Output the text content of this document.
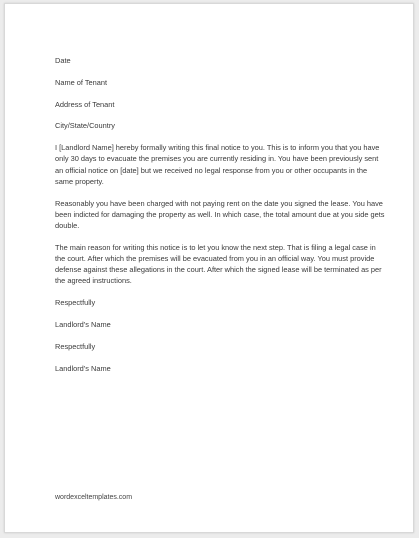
Date
Name of Tenant
Address of Tenant
City/State/Country
I [Landlord Name] hereby formally writing this final notice to you. This is to inform you that you have only 30 days to evacuate the premises you are currently residing in. You have been previously sent an official notice on [date] but we received no legal response from you or other occupants in the same property.
Reasonably you have been charged with not paying rent on the date you signed the lease. You have been indicted for damaging the property as well. In which case, the total amount due at you side gets double.
The main reason for writing this notice is to let you know the next step. That is filing a legal case in the court. After which the premises will be evacuated from you in an official way. You must provide defense against these allegations in the court. After which the signed lease will be terminated as per the agreed instructions.
Respectfully
Landlord’s Name
Respectfully
Landlord’s Name
wordexceltemplates.com
